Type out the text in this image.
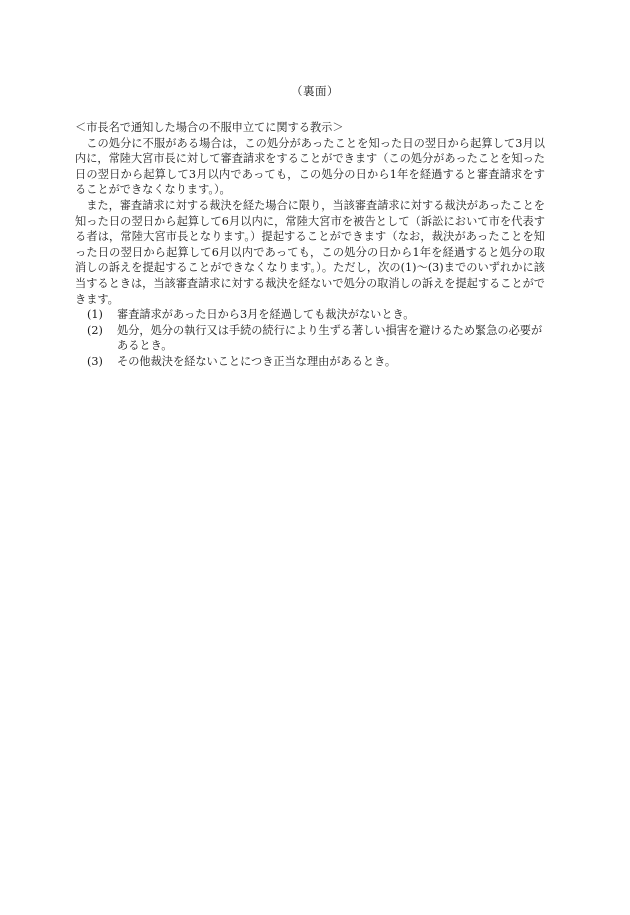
（裏面）
＜市長名で通知した場合の不服申立てに関する教示＞

この処分に不服がある場合は，この処分があったことを知った日の翌日から起算して3月以内に，常陸大宮市長に対して審査請求をすることができます（この処分があったことを知った日の翌日から起算して3月以内であっても，この処分の日から1年を経過すると審査請求をすることができなくなります。）。

また，審査請求に対する裁決を経た場合に限り，当該審査請求に対する裁決があったことを知った日の翌日から起算して6月以内に，常陸大宮市を被告として（訴訟において市を代表する者は，常陸大宮市長となります。）提起することができます（なお，裁決があったことを知った日の翌日から起算して6月以内であっても，この処分の日から1年を経過すると処分の取消しの訴えを提起することができなくなります。）。ただし，次の(1)～(3)までのいずれかに該当するときは，当該審査請求に対する裁決を経ないで処分の取消しの訴えを提起することができます。

(1)	審査請求があった日から3月を経過しても裁決がないとき。
(2)	処分，処分の執行又は手続の続行により生ずる著しい損害を避けるため緊急の必要があるとき。
(3)	その他裁決を経ないことにつき正当な理由があるとき。
